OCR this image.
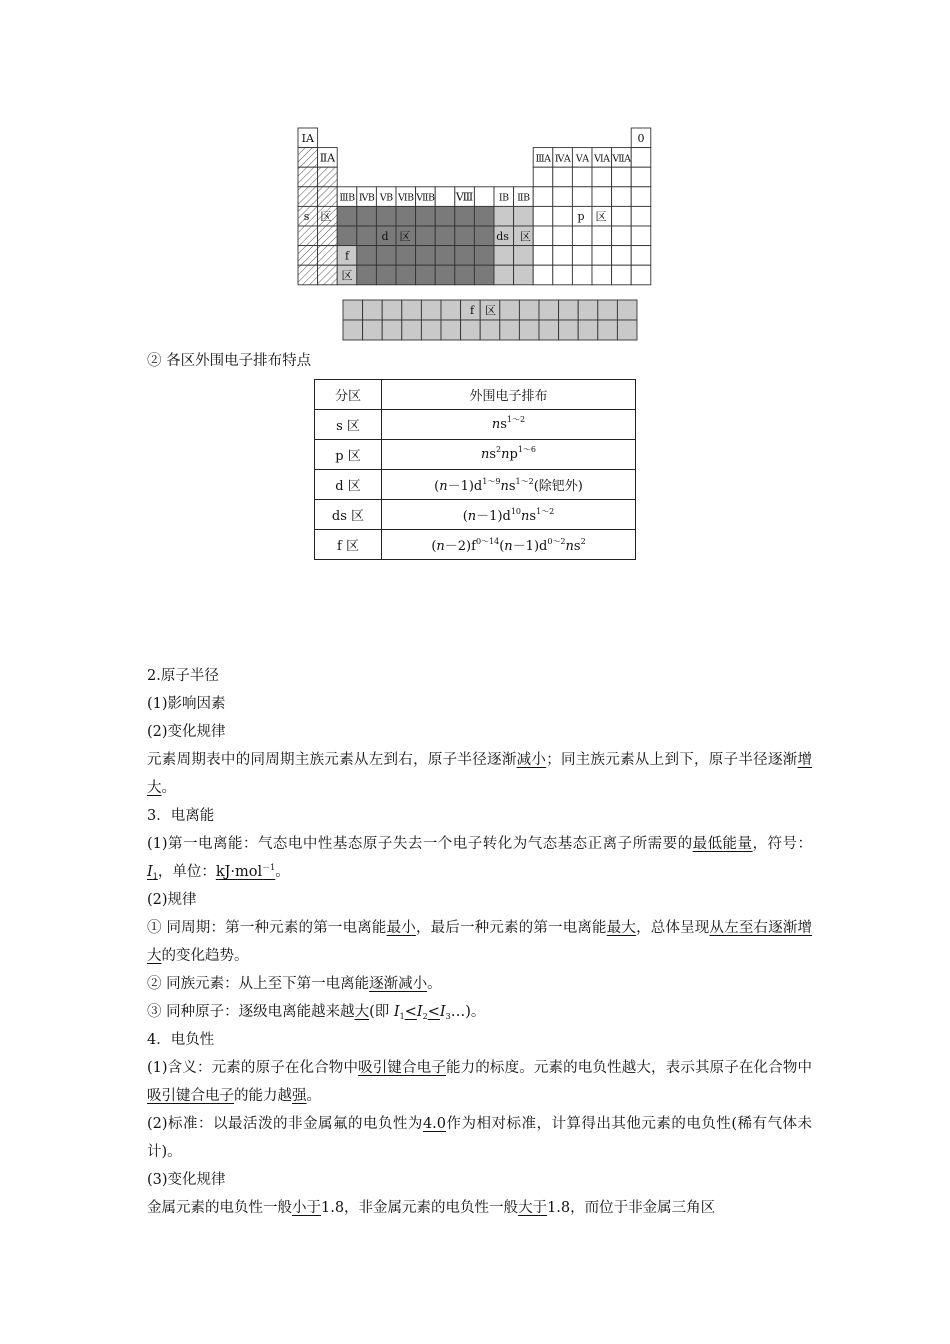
ⅠA	0
ⅡA	ⅢA ⅣA ⅤA ⅥA ⅦA
ⅢB ⅣB ⅤB ⅥB ⅦB Ⅷ	ⅠB ⅡB
s　区
d　区	ds　区
p　区
f
区
f　区
② 各区外围电子排布特点
分区	外围电子排布
s 区	$ns^{1\sim 2}$
p 区	$ns^2np^{1\sim 6}$
d 区	$(n-1)d^{1\sim 9}ns^{1\sim 2}$(除钯外)
ds 区	$(n-1)d^{10}ns^{1\sim 2}$
f 区	$(n-2)f^{0\sim 14}(n-1)d^{0\sim 2}ns^2$

2.原子半径

(1)影响因素

(2)变化规律

元素周期表中的同周期主族元素从左到右，原子半径逐渐减小；同主族元素从上到下，原子半径逐渐增大。

3．电离能

(1)第一电离能：气态电中性基态原子失去一个电子转化为气态基态正离子所需要的最低能量，符号：$I_1$，单位：kJ·mol$^{-1}$。

(2)规律

① 同周期：第一种元素的第一电离能最小，最后一种元素的第一电离能最大，总体呈现从左至右逐渐增大的变化趋势。

② 同族元素：从上至下第一电离能逐渐减小。

③ 同种原子：逐级电离能越来越大(即 $I_1<I_2<I_3\dots$)。

4．电负性

(1)含义：元素的原子在化合物中吸引键合电子能力的标度。元素的电负性越大，表示其原子在化合物中吸引键合电子的能力越强。

(2)标准：以最活泼的非金属氟的电负性为4.0作为相对标准，计算得出其他元素的电负性(稀有气体未计)。

(3)变化规律

金属元素的电负性一般小于1.8，非金属元素的电负性一般大于1.8，而位于非金属三角区
